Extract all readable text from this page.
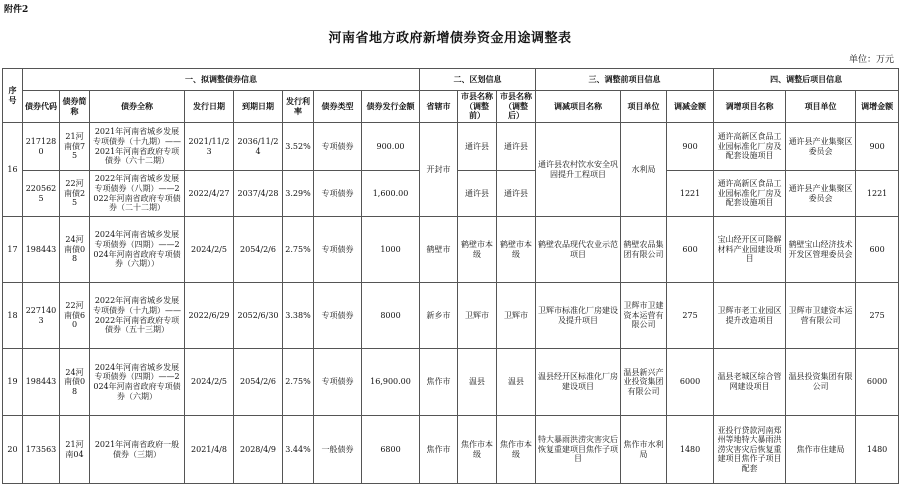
附件2
河南省地方政府新增债券资金用途调整表
单位：万元
序号	一、拟调整债券信息								二、区划信息			三、调整前项目信息			四、调整后项目信息		
	债券代码	债券简称	债券全称	发行日期	到期日期	发行利率	债券类型	债券发行金额	省辖市	市县名称（调整前）	市县名称（调整后）	调减项目名称	项目单位	调减金额	调增项目名称	项目单位	调增金额
16	2171280	21河南债75	2021年河南省城乡发展专项债券（十九期）——2021年河南省政府专项债券（六十二期）	2021/11/23	2036/11/24	3.52%	专项债券	900.00	开封市	通许县	通许县	通许县农村饮水安全巩固提升工程项目	水利局	900	通许高新区食品工业园标准化厂房及配套设施项目	通许县产业集聚区委员会	900
	2205625	22河南债25	2022年河南省城乡发展专项债券（八期）——2022年河南省政府专项债券（二十二期）	2022/4/27	2037/4/28	3.29%	专项债券	1,600.00		通许县	通许县			1221	通许高新区食品工业园标准化厂房及配套设施项目	通许县产业集聚区委员会	1221
17	198443	24河南债08	2024年河南省城乡发展专项债券（四期）——2024年河南省政府专项债券（六期））	2024/2/5	2054/2/6	2.75%	专项债券	1000	鹤壁市	鹤壁市本级	鹤壁市本级	鹤壁农品现代农业示范项目	鹤壁农品集团有限公司	600	宝山经开区可降解材料产业园建设项目	鹤壁宝山经济技术开发区管理委员会	600
18	2271403	22河南债60	2022年河南省城乡发展专项债券（十九期）——2022年河南省政府专项债券（五十三期）	2022/6/29	2052/6/30	3.38%	专项债券	8000	新乡市	卫辉市	卫辉市	卫辉市标准化厂房建设及提升项目	卫辉市卫建资本运营有限公司	275	卫辉市老工业园区提升改造项目	卫辉市卫建资本运营有限公司	275
19	198443	24河南债08	2024年河南省城乡发展专项债券（四期）——2024年河南省政府专项债券（六期）	2024/2/5	2054/2/6	2.75%	专项债券	16,900.00	焦作市	温县	温县	温县经开区标准化厂房建设项目	温县新兴产业投资集团有限公司	6000	温县老城区综合管网建设项目	温县投资集团有限公司	6000
20	173563	21河南04	2021年河南省政府一般债券（三期）	2021/4/8	2028/4/9	3.44%	一般债券	6800	焦作市	焦作市本级	焦作市本级	特大暴雨洪涝灾害灾后恢复重建项目焦作子项目	焦作市水利局	1480	亚投行贷款河南郑州等地特大暴雨洪涝灾害灾后恢复重建项目焦作子项目配套	焦作市住建局	1480
